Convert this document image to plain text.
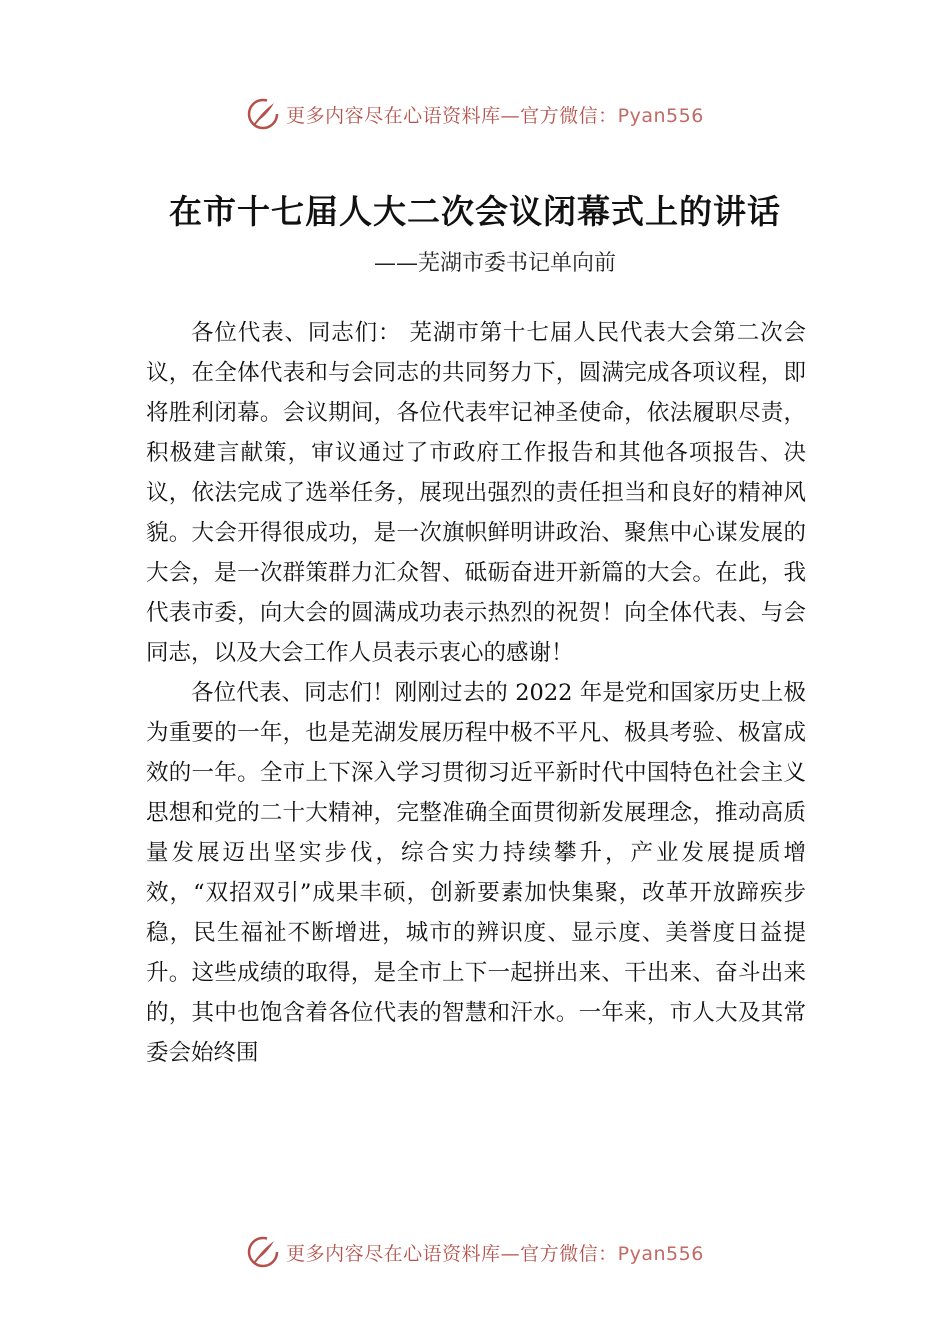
更多内容尽在心语资料库—官方微信：Pyan556
在市十七届人大二次会议闭幕式上的讲话
——芜湖市委书记单向前

各位代表、同志们： 芜湖市第十七届人民代表大会第二次会议，在全体代表和与会同志的共同努力下，圆满完成各项议程，即将胜利闭幕。会议期间，各位代表牢记神圣使命，依法履职尽责，积极建言献策，审议通过了市政府工作报告和其他各项报告、决议，依法完成了选举任务，展现出强烈的责任担当和良好的精神风貌。大会开得很成功，是一次旗帜鲜明讲政治、聚焦中心谋发展的大会，是一次群策群力汇众智、砥砺奋进开新篇的大会。在此，我代表市委，向大会的圆满成功表示热烈的祝贺！向全体代表、与会同志，以及大会工作人员表示衷心的感谢！

各位代表、同志们！刚刚过去的 2022 年是党和国家历史上极为重要的一年，也是芜湖发展历程中极不平凡、极具考验、极富成效的一年。全市上下深入学习贯彻习近平新时代中国特色社会主义思想和党的二十大精神，完整准确全面贯彻新发展理念，推动高质量发展迈出坚实步伐，综合实力持续攀升，产业发展提质增效，“双招双引”成果丰硕，创新要素加快集聚，改革开放蹄疾步稳，民生福祉不断增进，城市的辨识度、显示度、美誉度日益提升。这些成绩的取得，是全市上下一起拼出来、干出来、奋斗出来的，其中也饱含着各位代表的智慧和汗水。一年来，市人大及其常委会始终围

更多内容尽在心语资料库—官方微信：Pyan556
